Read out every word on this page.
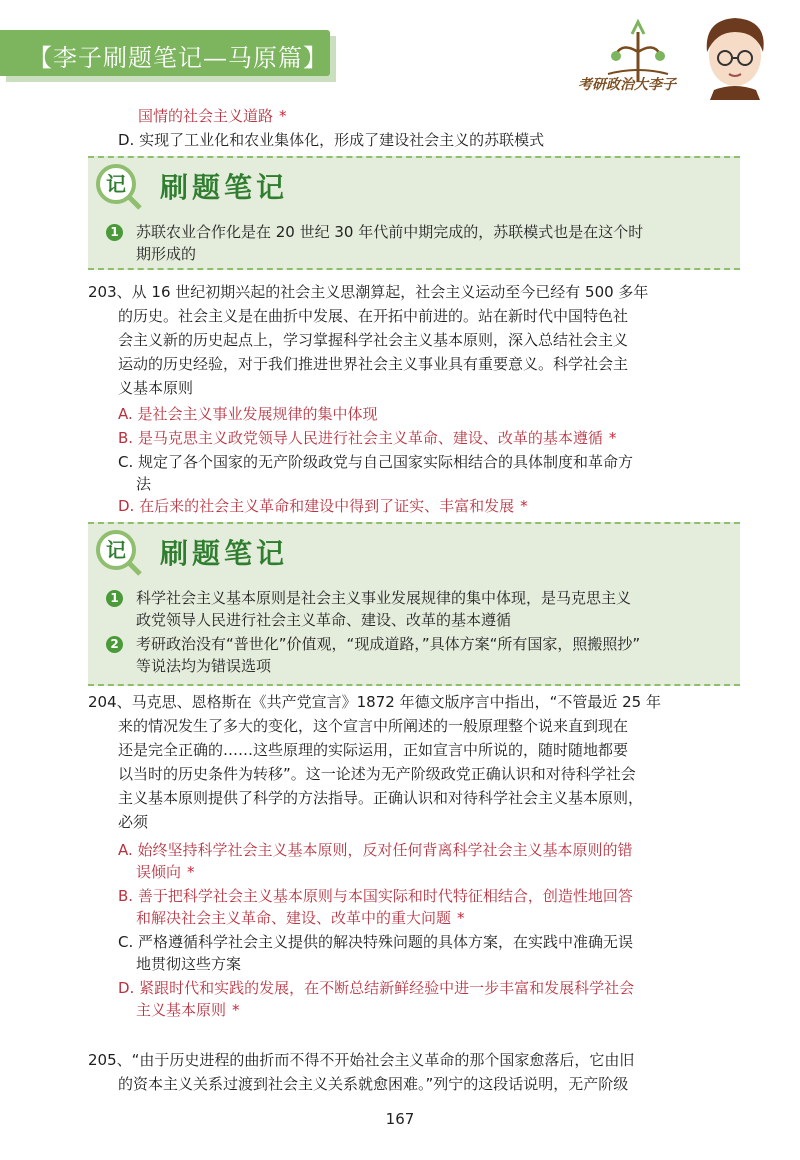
【李子刷题笔记—马原篇】
考研政治大李子
国情的社会主义道路 *
D. 实现了工业化和农业集体化，形成了建设社会主义的苏联模式
记 刷题笔记
1 苏联农业合作化是在 20 世纪 30 年代前中期完成的，苏联模式也是在这个时
期形成的
203、从 16 世纪初期兴起的社会主义思潮算起，社会主义运动至今已经有 500 多年
的历史。社会主义是在曲折中发展、在开拓中前进的。站在新时代中国特色社
会主义新的历史起点上，学习掌握科学社会主义基本原则，深入总结社会主义
运动的历史经验，对于我们推进世界社会主义事业具有重要意义。科学社会主
义基本原则
A. 是社会主义事业发展规律的集中体现
B. 是马克思主义政党领导人民进行社会主义革命、建设、改革的基本遵循 *
C. 规定了各个国家的无产阶级政党与自己国家实际相结合的具体制度和革命方
法
D. 在后来的社会主义革命和建设中得到了证实、丰富和发展 *
记 刷题笔记
1 科学社会主义基本原则是社会主义事业发展规律的集中体现，是马克思主义
政党领导人民进行社会主义革命、建设、改革的基本遵循
2 考研政治没有“普世化”价值观，“现成道路，”具体方案“所有国家，照搬照抄”
等说法均为错误选项
204、马克思、恩格斯在《共产党宣言》1872 年德文版序言中指出，“不管最近 25 年
来的情况发生了多大的变化，这个宣言中所阐述的一般原理整个说来直到现在
还是完全正确的……这些原理的实际运用，正如宣言中所说的，随时随地都要
以当时的历史条件为转移”。这一论述为无产阶级政党正确认识和对待科学社会
主义基本原则提供了科学的方法指导。正确认识和对待科学社会主义基本原则，
必须
A. 始终坚持科学社会主义基本原则，反对任何背离科学社会主义基本原则的错
误倾向 *
B. 善于把科学社会主义基本原则与本国实际和时代特征相结合，创造性地回答
和解决社会主义革命、建设、改革中的重大问题 *
C. 严格遵循科学社会主义提供的解决特殊问题的具体方案，在实践中准确无误
地贯彻这些方案
D. 紧跟时代和实践的发展，在不断总结新鲜经验中进一步丰富和发展科学社会
主义基本原则 *
205、“由于历史进程的曲折而不得不开始社会主义革命的那个国家愈落后，它由旧
的资本主义关系过渡到社会主义关系就愈困难。”列宁的这段话说明，无产阶级
167
